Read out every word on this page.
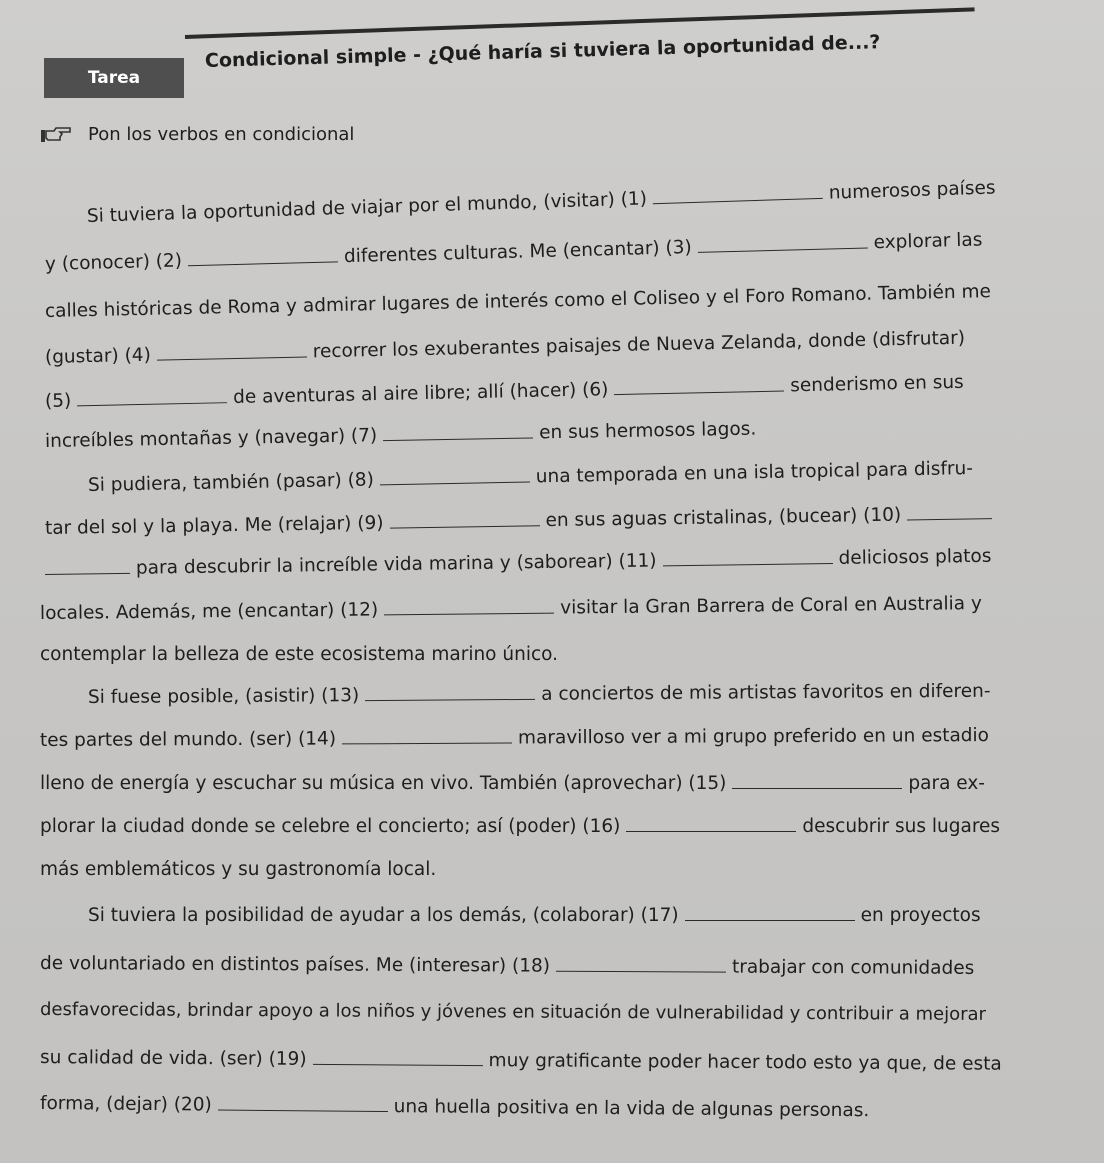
Tarea
Condicional simple - ¿Qué haría si tuviera la oportunidad de...?
Pon los verbos en condicional
Si tuviera la oportunidad de viajar por el mundo, (visitar) (1)	numerosos países
y (conocer) (2)	diferentes culturas. Me (encantar) (3)	explorar las
calles históricas de Roma y admirar lugares de interés como el Coliseo y el Foro Romano. También me
(gustar) (4)	recorrer los exuberantes paisajes de Nueva Zelanda, donde (disfrutar)
(5)	de aventuras al aire libre; allí (hacer) (6)	senderismo en sus
increíbles montañas y (navegar) (7)	en sus hermosos lagos.
Si pudiera, también (pasar) (8)	una temporada en una isla tropical para disfru-
tar del sol y la playa. Me (relajar) (9)	en sus aguas cristalinas, (bucear) (10)
para descubrir la increíble vida marina y (saborear) (11)	deliciosos platos
locales. Además, me (encantar) (12)	visitar la Gran Barrera de Coral en Australia y
contemplar la belleza de este ecosistema marino único.
Si fuese posible, (asistir) (13)	a conciertos de mis artistas favoritos en diferen-
tes partes del mundo. (ser) (14)	maravilloso ver a mi grupo preferido en un estadio
lleno de energía y escuchar su música en vivo. También (aprovechar) (15)	para ex-
plorar la ciudad donde se celebre el concierto; así (poder) (16)	descubrir sus lugares
más emblemáticos y su gastronomía local.
Si tuviera la posibilidad de ayudar a los demás, (colaborar) (17)	en proyectos
de voluntariado en distintos países. Me (interesar) (18)	trabajar con comunidades
desfavorecidas, brindar apoyo a los niños y jóvenes en situación de vulnerabilidad y contribuir a mejorar
su calidad de vida. (ser) (19)	muy gratificante poder hacer todo esto ya que, de esta
forma, (dejar) (20)	una huella positiva en la vida de algunas personas.
